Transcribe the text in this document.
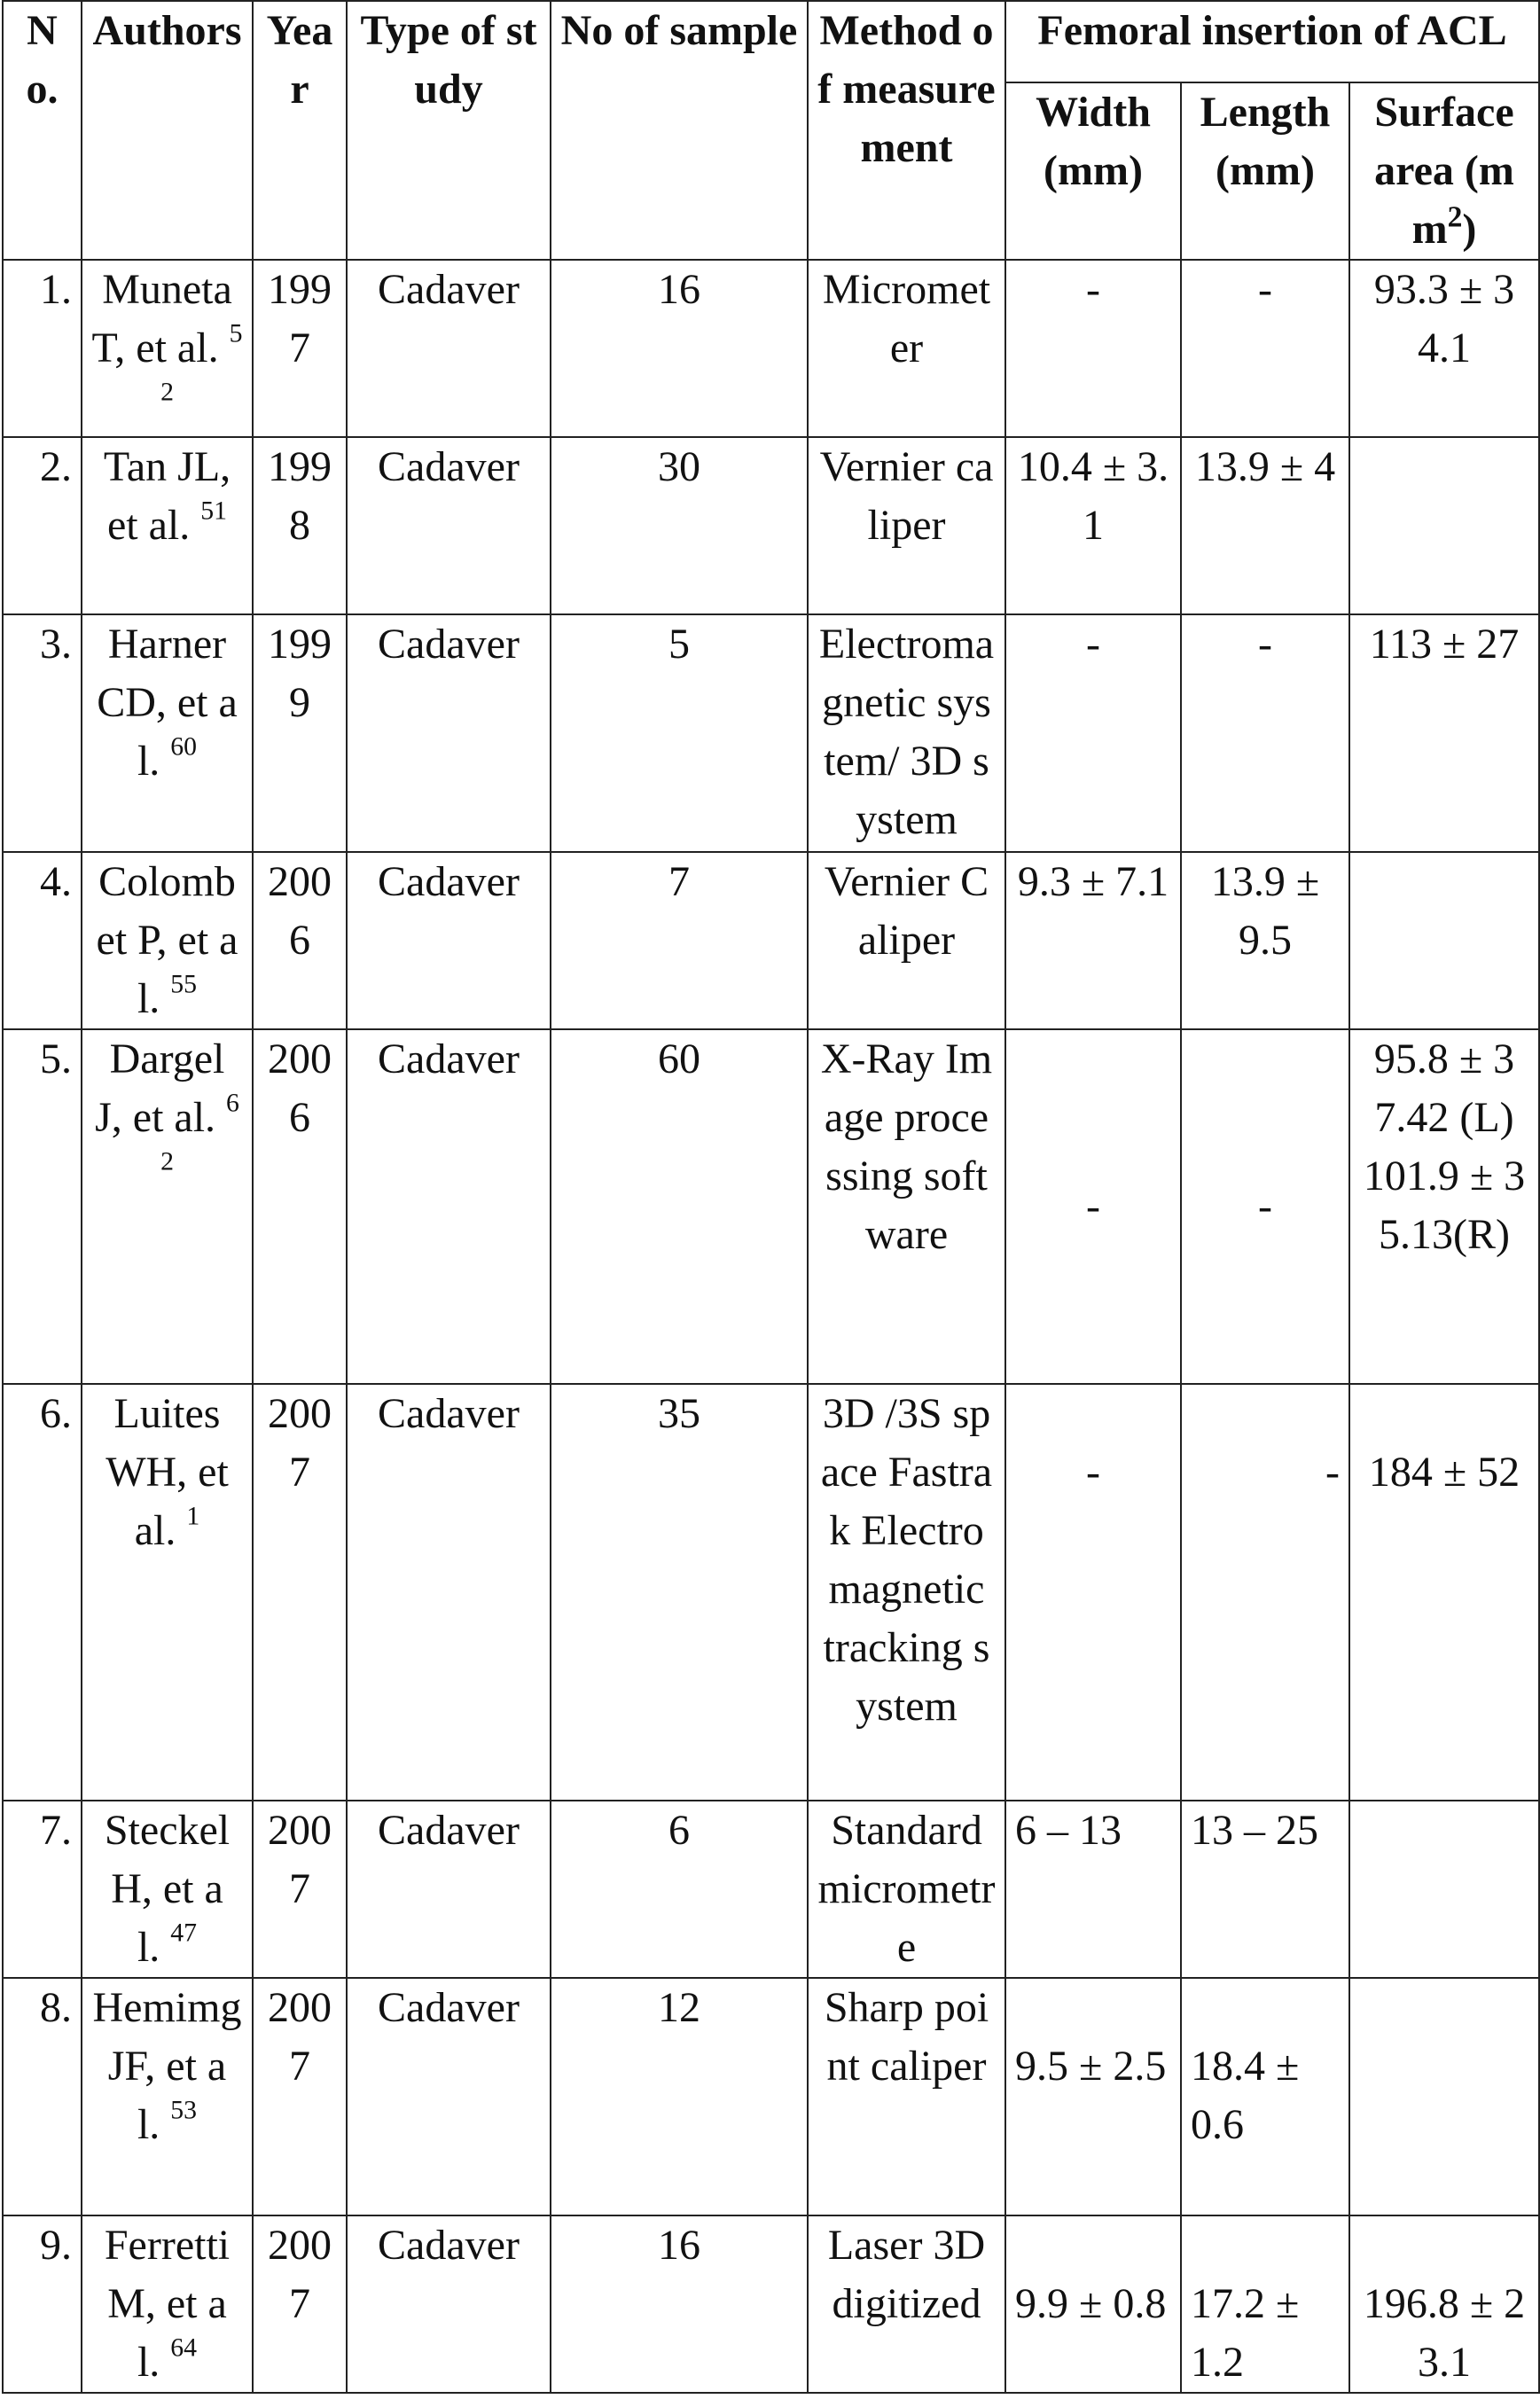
No.	Authors	Year	Type of study	No of sample	Method of measurement	Femoral insertion of ACL		
						Width (mm)	Length (mm)	Surface area $(mm^2)$
1.	Muneta T, et al. $^{52}$	1997	Cadaver	16	Micrometer	-	-	93.3 ± 34.1
2.	Tan JL, et al. $^{51}$	1998	Cadaver	30	Vernier caliper	10.4 ± 3.1	13.9 ± 4	
3.	Harner CD, et al. $^{60}$	1999	Cadaver	5	Electromagnetic system/ 3D system	-	-	113 ± 27
4.	Colombet P, et al. $^{55}$	2006	Cadaver	7	Vernier Caliper	9.3 ± 7.1	13.9 ± 9.5	
5.	Dargel J, et al. $^{62}$	2006	Cadaver	60	X-Ray Image processing software	-	-	95.8 ± 37.42 (L) 101.9 ± 35.13(R)
6.	Luites WH, et al. $^1$	2007	Cadaver	35	3D /3S space Fastrak Electromagnetic tracking system	-	-	184 ± 52
7.	Steckel H, et al. $^{47}$	2007	Cadaver	6	Standard micrometre	6 – 13	13 – 25	
8.	Hemimg JF, et al. $^{53}$	2007	Cadaver	12	Sharp point caliper	9.5 ± 2.5	18.4 ± 0.6	
9.	Ferretti M, et al. $^{64}$	2007	Cadaver	16	Laser 3D digitized	9.9 ± 0.8	17.2 ± 1.2	196.8 ± 23.1
